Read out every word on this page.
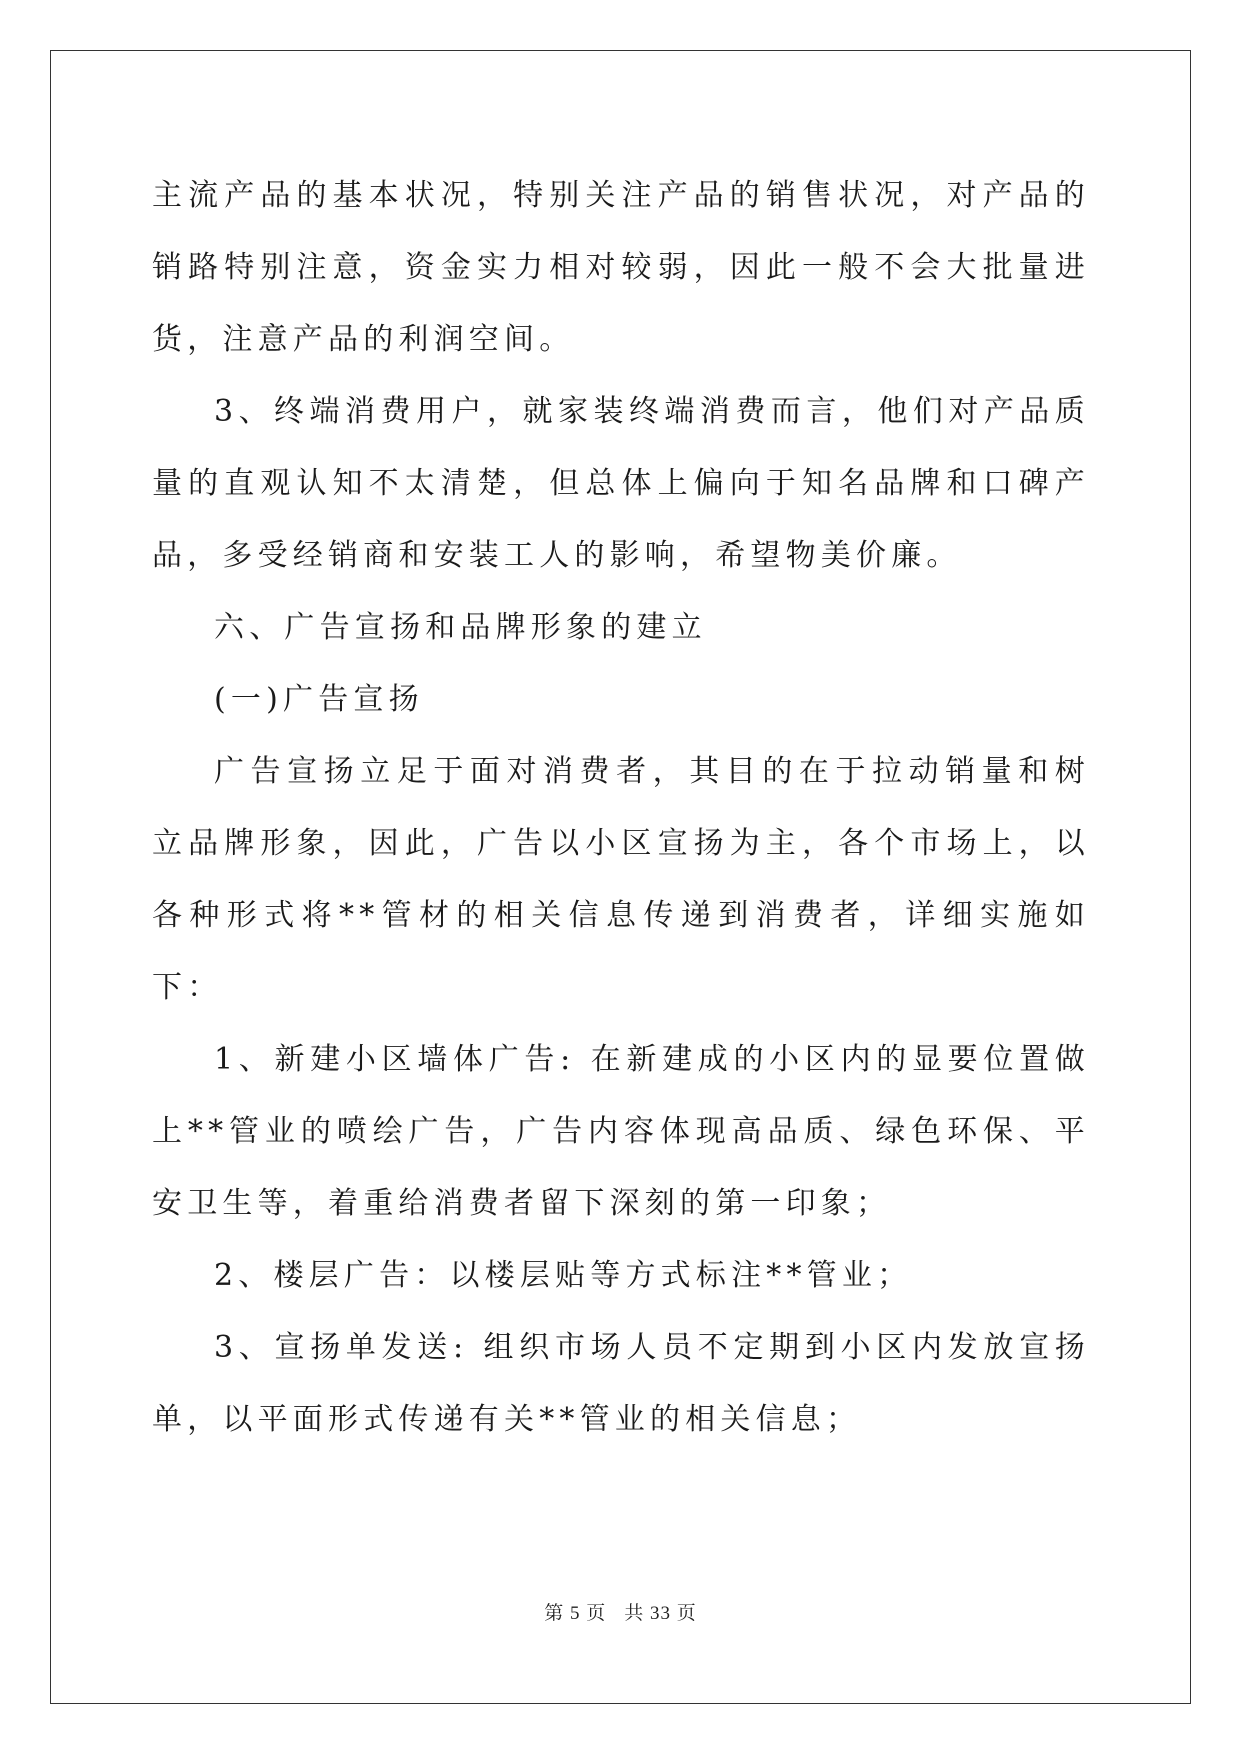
主流产品的基本状况，特别关注产品的销售状况，对产品的销路特别注意，资金实力相对较弱，因此一般不会大批量进货，注意产品的利润空间。

3、终端消费用户，就家装终端消费而言，他们对产品质量的直观认知不太清楚，但总体上偏向于知名品牌和口碑产品，多受经销商和安装工人的影响，希望物美价廉。

六、广告宣扬和品牌形象的建立

(一)广告宣扬

广告宣扬立足于面对消费者，其目的在于拉动销量和树立品牌形象，因此，广告以小区宣扬为主，各个市场上，以各种形式将**管材的相关信息传递到消费者，详细实施如下：

1、新建小区墙体广告: 在新建成的小区内的显要位置做上**管业的喷绘广告，广告内容体现高品质、绿色环保、平安卫生等，着重给消费者留下深刻的第一印象；

2、楼层广告：以楼层贴等方式标注**管业；

3、宣扬单发送: 组织市场人员不定期到小区内发放宣扬单，以平面形式传递有关**管业的相关信息；

第 5 页 共 33 页
